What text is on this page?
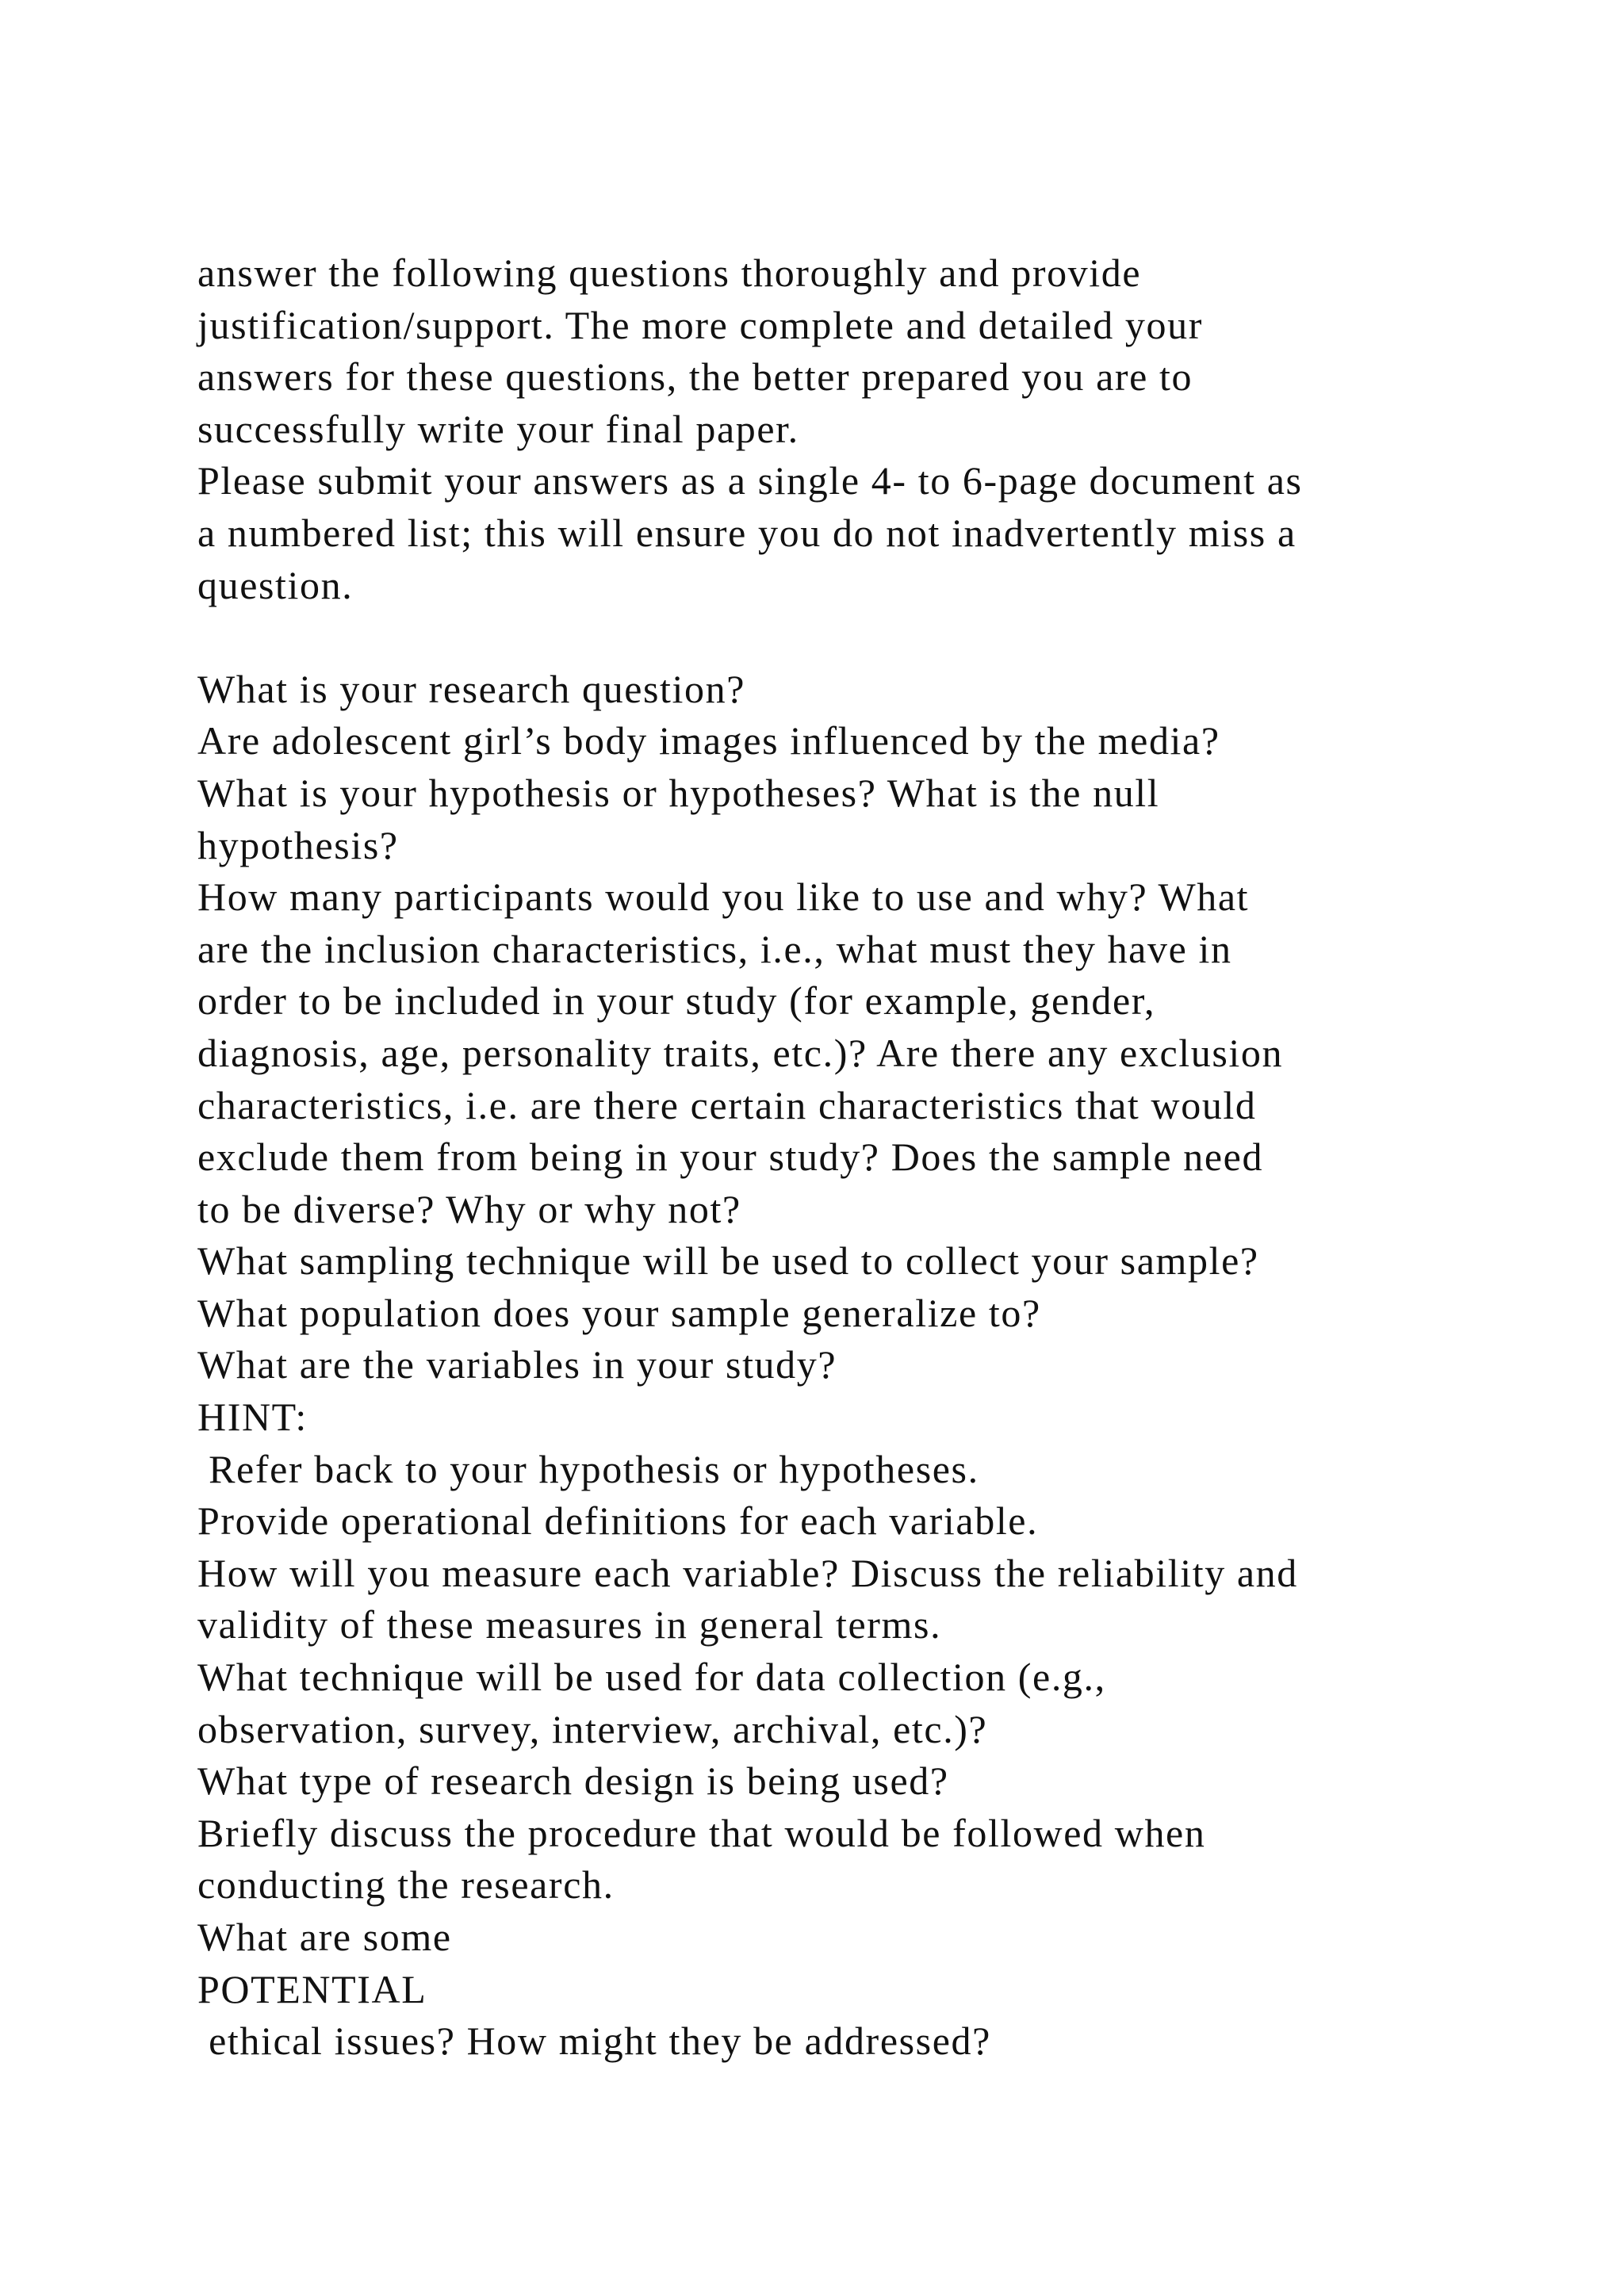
answer the following questions thoroughly and provide
justification/support. The more complete and detailed your
answers for these questions, the better prepared you are to
successfully write your final paper.
Please submit your answers as a single 4- to 6-page document as
a numbered list; this will ensure you do not inadvertently miss a
question.
What is your research question?
Are adolescent girl’s body images influenced by the media?
What is your hypothesis or hypotheses? What is the null
hypothesis?
How many participants would you like to use and why? What
are the inclusion characteristics, i.e., what must they have in
order to be included in your study (for example, gender,
diagnosis, age, personality traits, etc.)? Are there any exclusion
characteristics, i.e. are there certain characteristics that would
exclude them from being in your study? Does the sample need
to be diverse? Why or why not?
What sampling technique will be used to collect your sample?
What population does your sample generalize to?
What are the variables in your study?
HINT:
Refer back to your hypothesis or hypotheses.
Provide operational definitions for each variable.
How will you measure each variable? Discuss the reliability and
validity of these measures in general terms.
What technique will be used for data collection (e.g.,
observation, survey, interview, archival, etc.)?
What type of research design is being used?
Briefly discuss the procedure that would be followed when
conducting the research.
What are some
POTENTIAL
ethical issues? How might they be addressed?
